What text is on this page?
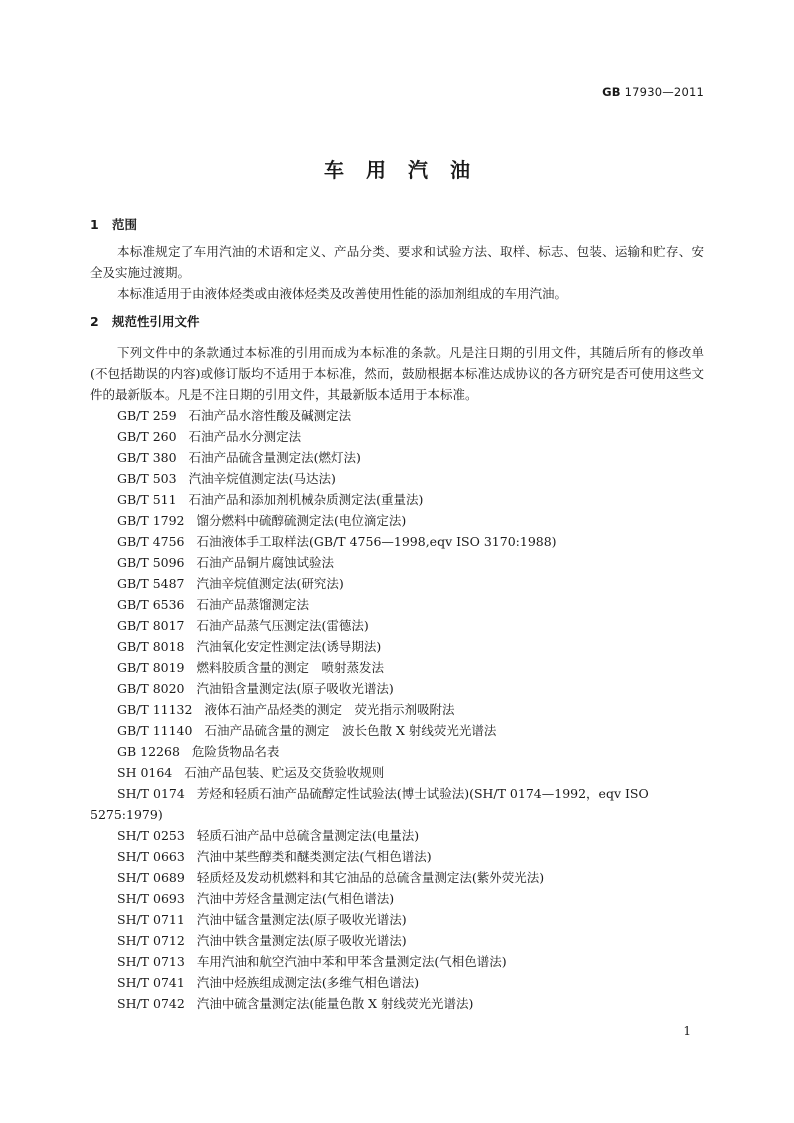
GB 17930—2011
车用汽油
1 范围

本标准规定了车用汽油的术语和定义、产品分类、要求和试验方法、取样、标志、包装、运输和贮存、安全及实施过渡期。

本标准适用于由液体烃类或由液体烃类及改善使用性能的添加剂组成的车用汽油。

2 规范性引用文件

下列文件中的条款通过本标准的引用而成为本标准的条款。凡是注日期的引用文件，其随后所有的修改单(不包括勘误的内容)或修订版均不适用于本标准，然而，鼓励根据本标准达成协议的各方研究是否可使用这些文件的最新版本。凡是不注日期的引用文件，其最新版本适用于本标准。

GB/T 259 石油产品水溶性酸及碱测定法
GB/T 260 石油产品水分测定法
GB/T 380 石油产品硫含量测定法(燃灯法)
GB/T 503 汽油辛烷值测定法(马达法)
GB/T 511 石油产品和添加剂机械杂质测定法(重量法)
GB/T 1792 馏分燃料中硫醇硫测定法(电位滴定法)
GB/T 4756 石油液体手工取样法(GB/T 4756—1998,eqv ISO 3170:1988)
GB/T 5096 石油产品铜片腐蚀试验法
GB/T 5487 汽油辛烷值测定法(研究法)
GB/T 6536 石油产品蒸馏测定法
GB/T 8017 石油产品蒸气压测定法(雷德法)
GB/T 8018 汽油氧化安定性测定法(诱导期法)
GB/T 8019 燃料胶质含量的测定　喷射蒸发法
GB/T 8020 汽油铅含量测定法(原子吸收光谱法)
GB/T 11132 液体石油产品烃类的测定　荧光指示剂吸附法
GB/T 11140 石油产品硫含量的测定　波长色散 X 射线荧光光谱法
GB 12268 危险货物品名表
SH 0164 石油产品包装、贮运及交货验收规则
SH/T 0174 芳烃和轻质石油产品硫醇定性试验法(博士试验法)(SH/T 0174—1992，eqv ISO 5275:1979)
SH/T 0253 轻质石油产品中总硫含量测定法(电量法)
SH/T 0663 汽油中某些醇类和醚类测定法(气相色谱法)
SH/T 0689 轻质烃及发动机燃料和其它油品的总硫含量测定法(紫外荧光法)
SH/T 0693 汽油中芳烃含量测定法(气相色谱法)
SH/T 0711 汽油中锰含量测定法(原子吸收光谱法)
SH/T 0712 汽油中铁含量测定法(原子吸收光谱法)
SH/T 0713 车用汽油和航空汽油中苯和甲苯含量测定法(气相色谱法)
SH/T 0741 汽油中烃族组成测定法(多维气相色谱法)
SH/T 0742 汽油中硫含量测定法(能量色散 X 射线荧光光谱法)
1
